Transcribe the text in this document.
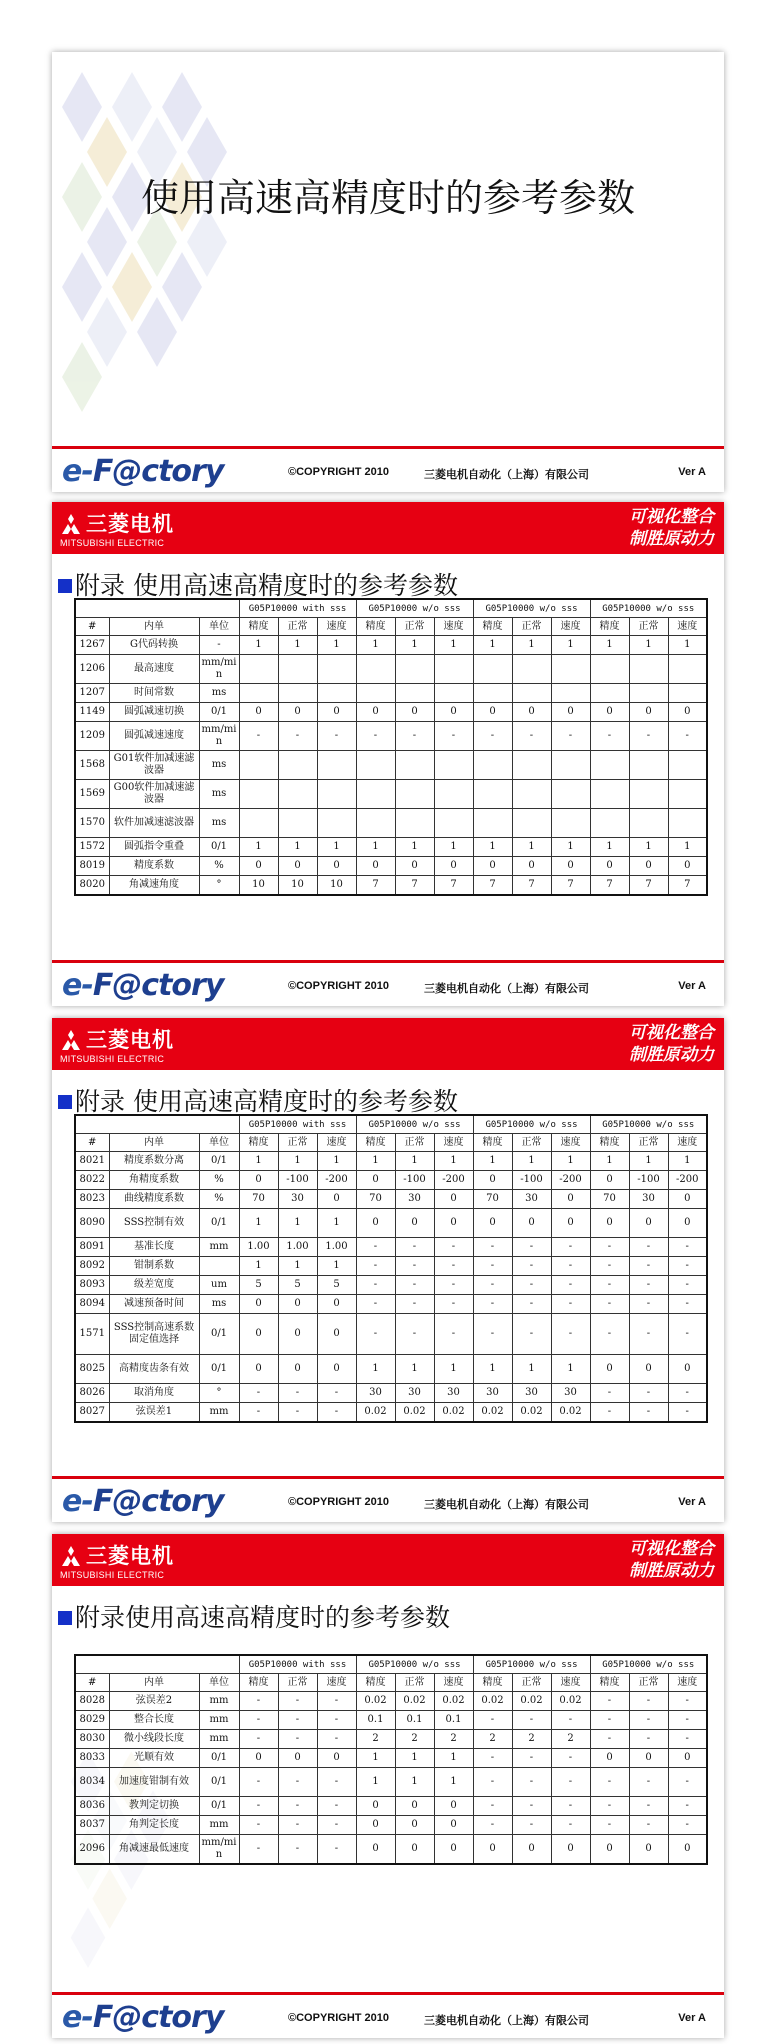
使用高速高精度时的参考参数
e-F@ctory	©COPYRIGHT 2010	三菱电机自动化（上海）有限公司	Ver A
三菱电机
MITSUBISHI ELECTRIC
可视化整合
制胜原动力
附录 使用高速高精度时的参考参数
			G05P10000 with sss			G05P10000 w/o sss			G05P10000 w/o sss			G05P10000 w/o sss		
#	内单	单位	精度	正常	速度	精度	正常	速度	精度	正常	速度	精度	正常	速度
1267	G代码转换	-	1	1	1	1	1	1	1	1	1	1	1	1
1206	最高速度	mm/min												
1207	时间常数	ms												
1149	圆弧减速切换	0/1	0	0	0	0	0	0	0	0	0	0	0	0
1209	圆弧减速速度	mm/min	-	-	-	-	-	-	-	-	-	-	-	-
1568	G01软件加减速滤波器	ms												
1569	G00软件加减速滤波器	ms												
1570	软件加减速滤波器	ms												
1572	圆弧指令重叠	0/1	1	1	1	1	1	1	1	1	1	1	1	1
8019	精度系数	%	0	0	0	0	0	0	0	0	0	0	0	0
8020	角减速角度	°	10	10	10	7	7	7	7	7	7	7	7	7
e-F@ctory	©COPYRIGHT 2010	三菱电机自动化（上海）有限公司	Ver A
三菱电机
MITSUBISHI ELECTRIC
可视化整合
制胜原动力
附录 使用高速高精度时的参考参数
			G05P10000 with sss			G05P10000 w/o sss			G05P10000 w/o sss			G05P10000 w/o sss		
#	内单	单位	精度	正常	速度	精度	正常	速度	精度	正常	速度	精度	正常	速度
8021	精度系数分离	0/1	1	1	1	1	1	1	1	1	1	1	1	1
8022	角精度系数	%	0	-100	-200	0	-100	-200	0	-100	-200	0	-100	-200
8023	曲线精度系数	%	70	30	0	70	30	0	70	30	0	70	30	0
8090	SSS控制有效	0/1	1	1	1	0	0	0	0	0	0	0	0	0
8091	基准长度	mm	1.00	1.00	1.00	-	-	-	-	-	-	-	-	-
8092	钳制系数		1	1	1	-	-	-	-	-	-	-	-	-
8093	级差宽度	um	5	5	5	-	-	-	-	-	-	-	-	-
8094	减速预备时间	ms	0	0	0	-	-	-	-	-	-	-	-	-
1571	SSS控制高速系数固定值选择	0/1	0	0	0	-	-	-	-	-	-	-	-	-
8025	高精度齿条有效	0/1	0	0	0	1	1	1	1	1	1	0	0	0
8026	取消角度	°	-	-	-	30	30	30	30	30	30	-	-	-
8027	弦误差1	mm	-	-	-	0.02	0.02	0.02	0.02	0.02	0.02	-	-	-
e-F@ctory	©COPYRIGHT 2010	三菱电机自动化（上海）有限公司	Ver A
三菱电机
MITSUBISHI ELECTRIC
可视化整合
制胜原动力
附录使用高速高精度时的参考参数
			G05P10000 with sss			G05P10000 w/o sss			G05P10000 w/o sss			G05P10000 w/o sss		
#	内单	单位	精度	正常	速度	精度	正常	速度	精度	正常	速度	精度	正常	速度
8028	弦误差2	mm	-	-	-	0.02	0.02	0.02	0.02	0.02	0.02	-	-	-
8029	整合长度	mm	-	-	-	0.1	0.1	0.1	-	-	-	-	-	-
8030	微小线段长度	mm	-	-	-	2	2	2	2	2	2	-	-	-
8033	光顺有效	0/1	0	0	0	1	1	1	-	-	-	0	0	0
8034	加速度钳制有效	0/1	-	-	-	1	1	1	-	-	-	-	-	-
8036	教判定切换	0/1	-	-	-	0	0	0	-	-	-	-	-	-
8037	角判定长度	mm	-	-	-	0	0	0	-	-	-	-	-	-
2096	角减速最低速度	mm/min	-	-	-	0	0	0	0	0	0	0	0	0
e-F@ctory	©COPYRIGHT 2010	三菱电机自动化（上海）有限公司	Ver A
